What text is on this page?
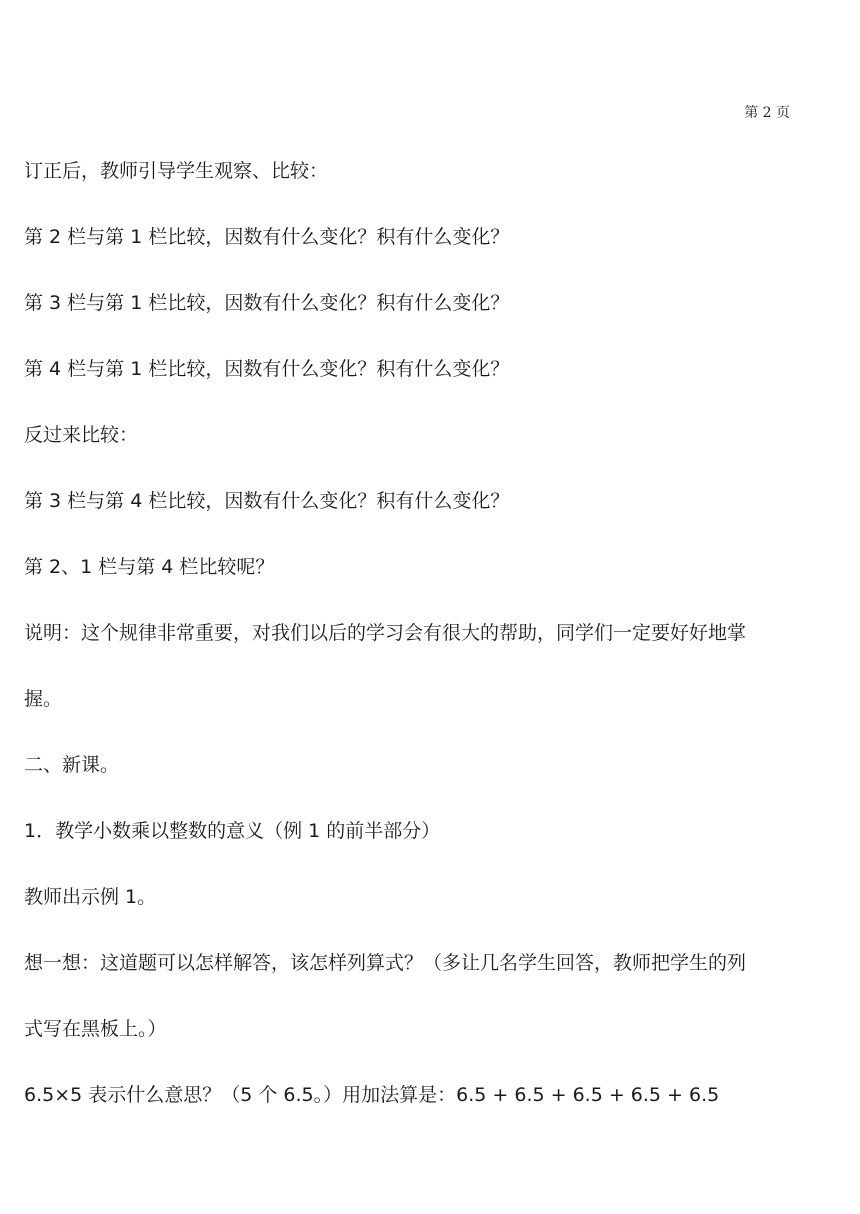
第 2 页
订正后，教师引导学生观察、比较：
第 2 栏与第 1 栏比较，因数有什么变化？积有什么变化？
第 3 栏与第 1 栏比较，因数有什么变化？积有什么变化？
第 4 栏与第 1 栏比较，因数有什么变化？积有什么变化？
反过来比较：
第 3 栏与第 4 栏比较，因数有什么变化？积有什么变化？
第 2、1 栏与第 4 栏比较呢？
说明：这个规律非常重要，对我们以后的学习会有很大的帮助，同学们一定要好好地掌
握。
二、新课。
1．教学小数乘以整数的意义（例 1 的前半部分）
教师出示例 1。
想一想：这道题可以怎样解答，该怎样列算式？（多让几名学生回答，教师把学生的列
式写在黑板上。）
6.5×5 表示什么意思？（5 个 6.5。）用加法算是：6.5 + 6.5 + 6.5 + 6.5 + 6.5
